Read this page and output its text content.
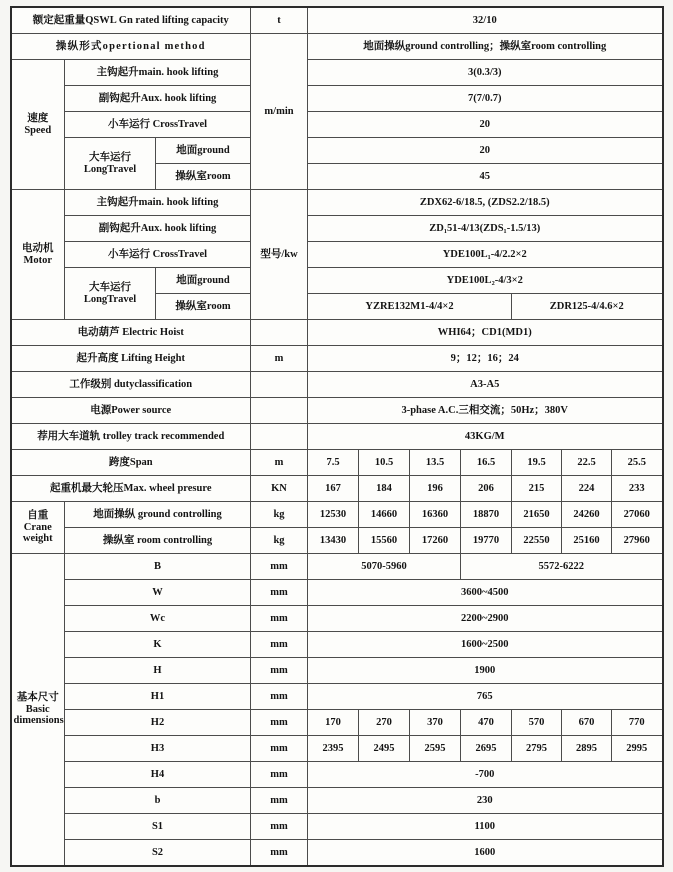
额定起重量QSWL Gn rated lifting capacity			t	32/10						
操纵形式opertional method			m/min	地面操纵ground controlling；操纵室room controlling						

速度
Speed	主钩起升main. hook lifting			3(0.3/3)						
	副钩起升Aux. hook lifting			7(7/0.7)						
	小车运行 CrossTravel			20						

	大车运行
LongTravel	地面ground		20						
		操纵室room		45						

电动机
Motor	主钩起升main. hook lifting		型号/kw	ZDX62-6/18.5, (ZDS2.2/18.5)						
	副钩起升Aux. hook lifting			ZD₁51-4/13(ZDS₁-1.5/13)						
	小车运行 CrossTravel			YDE100L₁-4/2.2×2						

	大车运行
LongTravel	地面ground		YDE100L₂-4/3×2						
		操纵室room		YZRE132M1-4/4×2				ZDR125-4/4.6×2		
电动葫芦 Electric Hoist				WHI64；CD1(MD1)						
起升高度 Lifting Height			m	9；12；16；24						
工作级别 dutyclassification				A3-A5						
电源Power source				3-phase A.C.三相交流；50Hz；380V						
荐用大车道轨 trolley track recommended				43KG/M						
跨度Span			m	7.5	10.5	13.5	16.5	19.5	22.5	25.5
起重机最大轮压Max. wheel presure			KN	167	184	196	206	215	224	233

自重
Crane weight	地面操纵 ground controlling		kg	12530	14660	16360	18870	21650	24260	27060
	操纵室 room controlling		kg	13430	15560	17260	19770	22550	25160	27960

基本尺寸
Basic dimensions	B		mm	5070-5960			5572-6222			
	W		mm	3600~4500						
	Wc		mm	2200~2900						
	K		mm	1600~2500						
	H		mm	1900						
	H1		mm	765						
	H2		mm	170	270	370	470	570	670	770
	H3		mm	2395	2495	2595	2695	2795	2895	2995
	H4		mm	-700						
	b		mm	230						
	S1		mm	1100						
	S2		mm	1600						
